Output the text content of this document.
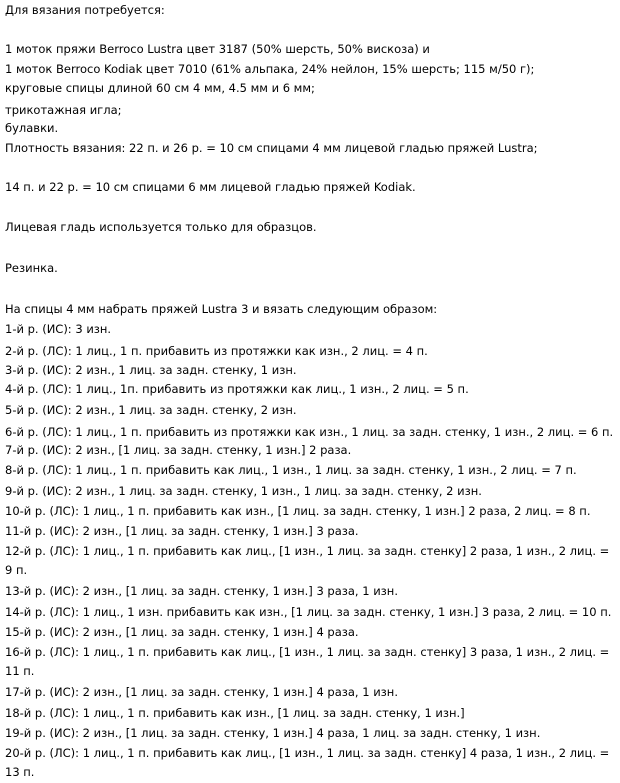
Для вязания потребуется:
1 моток пряжи Berroco Lustra цвет 3187 (50% шерсть, 50% вискоза) и
1 моток Berroco Kodiak цвет 7010 (61% альпака, 24% нейлон, 15% шерсть; 115 м/50 г);
круговые спицы длиной 60 см 4 мм, 4.5 мм и 6 мм;
трикотажная игла;
булавки.
Плотность вязания: 22 п. и 26 р. = 10 см спицами 4 мм лицевой гладью пряжей Lustra;
14 п. и 22 р. = 10 см спицами 6 мм лицевой гладью пряжей Kodiak.
Лицевая гладь используется только для образцов.
Резинка.
На спицы 4 мм набрать пряжей Lustra 3 и вязать следующим образом:
1-й р. (ИС): 3 изн.
2-й р. (ЛС): 1 лиц., 1 п. прибавить из протяжки как изн., 2 лиц. = 4 п.
3-й р. (ИС): 2 изн., 1 лиц. за задн. стенку, 1 изн.
4-й р. (ЛС): 1 лиц., 1п. прибавить из протяжки как лиц., 1 изн., 2 лиц. = 5 п.
5-й р. (ИС): 2 изн., 1 лиц. за задн. стенку, 2 изн.
6-й р. (ЛС): 1 лиц., 1 п. прибавить из протяжки как изн., 1 лиц. за задн. стенку, 1 изн., 2 лиц. = 6 п.
7-й р. (ИС): 2 изн., [1 лиц. за задн. стенку, 1 изн.] 2 раза.
8-й р. (ЛС): 1 лиц., 1 п. прибавить как лиц., 1 изн., 1 лиц. за задн. стенку, 1 изн., 2 лиц. = 7 п.
9-й р. (ИС): 2 изн., 1 лиц. за задн. стенку, 1 изн., 1 лиц. за задн. стенку, 2 изн.
10-й р. (ЛС): 1 лиц., 1 п. прибавить как изн., [1 лиц. за задн. стенку, 1 изн.] 2 раза, 2 лиц. = 8 п.
11-й р. (ИС): 2 изн., [1 лиц. за задн. стенку, 1 изн.] 3 раза.
12-й р. (ЛС): 1 лиц., 1 п. прибавить как лиц., [1 изн., 1 лиц. за задн. стенку] 2 раза, 1 изн., 2 лиц. = 9 п.
13-й р. (ИС): 2 изн., [1 лиц. за задн. стенку, 1 изн.] 3 раза, 1 изн.
14-й р. (ЛС): 1 лиц., 1 изн. прибавить как изн., [1 лиц. за задн. стенку, 1 изн.] 3 раза, 2 лиц. = 10 п.
15-й р. (ИС): 2 изн., [1 лиц. за задн. стенку, 1 изн.] 4 раза.
16-й р. (ЛС): 1 лиц., 1 п. прибавить как лиц., [1 изн., 1 лиц. за задн. стенку] 3 раза, 1 изн., 2 лиц. = 11 п.
17-й р. (ИС): 2 изн., [1 лиц. за задн. стенку, 1 изн.] 4 раза, 1 изн.
18-й р. (ЛС): 1 лиц., 1 п. прибавить как изн., [1 лиц. за задн. стенку, 1 изн.]
19-й р. (ИС): 2 изн., [1 лиц. за задн. стенку, 1 изн.] 4 раза, 1 лиц. за задн. стенку, 1 изн.
20-й р. (ЛС): 1 лиц., 1 п. прибавить как лиц., [1 изн., 1 лиц. за задн. стенку] 4 раза, 1 изн., 2 лиц. = 13 п.
